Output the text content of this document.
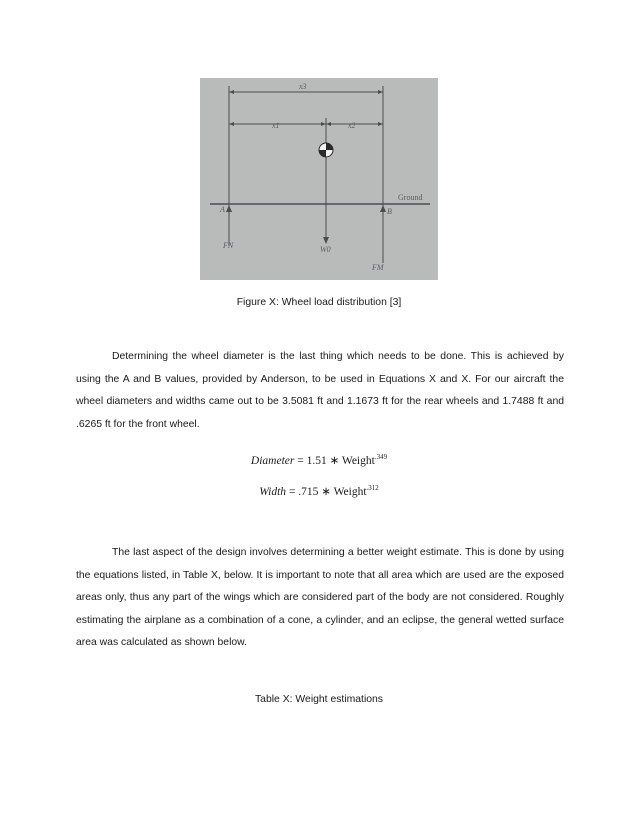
x3
x1	x2
Ground
A	B
FN	W0
FM
Figure X: Wheel load distribution [3]

Determining the wheel diameter is the last thing which needs to be done. This is achieved by using the A and B values, provided by Anderson, to be used in Equations X and X. For our aircraft the wheel diameters and widths came out to be 3.5081 ft and 1.1673 ft for the rear wheels and 1.7488 ft and .6265 ft for the front wheel.

Diameter = 1.51 ∗ Weight$^{.349}$
Width = .715 ∗ Weight$^{.312}$

The last aspect of the design involves determining a better weight estimate. This is done by using the equations listed, in Table X, below. It is important to note that all area which are used are the exposed areas only, thus any part of the wings which are considered part of the body are not considered. Roughly estimating the airplane as a combination of a cone, a cylinder, and an eclipse, the general wetted surface area was calculated as shown below.

Table X: Weight estimations
